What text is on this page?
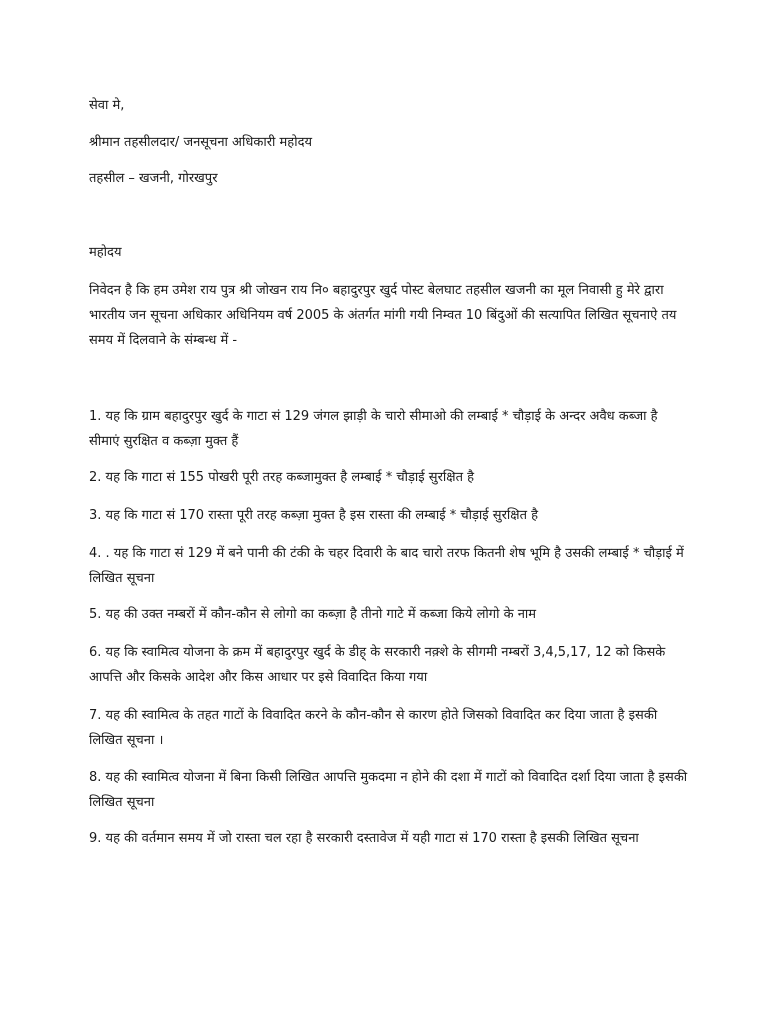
सेवा मे,

श्रीमान तहसीलदार/ जनसूचना अधिकारी महोदय

तहसील – खजनी, गोरखपुर

महोदय

निवेदन है कि हम उमेश राय पुत्र श्री जोखन राय नि० बहादुरपुर खुर्द पोस्ट बेलघाट तहसील खजनी का मूल निवासी हु मेरे द्वारा भारतीय जन सूचना अधिकार अधिनियम वर्ष 2005 के अंतर्गत मांगी गयी निम्वत 10 बिंदुओं की सत्यापित लिखित सूचनाऐ तय समय में दिलवाने के संम्बन्ध में -

1. यह कि ग्राम बहादुरपुर खुर्द के गाटा सं 129 जंगल झाड़ी के चारो सीमाओ की लम्बाई * चौड़ाई के अन्दर अवैध कब्जा है सीमाएं सुरक्षित व कब्ज़ा मुक्त हैं

2. यह कि गाटा सं 155 पोखरी पूरी तरह कब्जामुक्त है लम्बाई * चौड़ाई सुरक्षित है

3. यह कि गाटा सं 170 रास्ता पूरी तरह कब्ज़ा मुक्त है इस रास्ता की लम्बाई * चौड़ाई सुरक्षित है

4. . यह कि गाटा सं 129 में बने पानी की टंकी के चहर दिवारी के बाद चारो तरफ कितनी शेष भूमि है उसकी लम्बाई * चौड़ाई में लिखित सूचना

5. यह की उक्त नम्बरों में कौन-कौन से लोगो का कब्ज़ा है तीनो गाटे में कब्जा किये लोगो के नाम

6. यह कि स्वामित्व योजना के क्रम में बहादुरपुर खुर्द के डीह् के सरकारी नक़्शे के सीगमी नम्बरों 3,4,5,17, 12 को किसके आपत्ति और किसके आदेश और किस आधार पर इसे विवादित किया गया

7. यह की स्वामित्व के तहत गाटों के विवादित करने के कौन-कौन से कारण होते जिसको विवादित कर दिया जाता है इसकी लिखित सूचना ।

8. यह की स्वामित्व योजना में बिना किसी लिखित आपत्ति मुकदमा न होने की दशा में गाटों को विवादित दर्शा दिया जाता है इसकी लिखित सूचना

9. यह की वर्तमान समय में जो रास्ता चल रहा है सरकारी दस्तावेज में यही गाटा सं 170 रास्ता है इसकी लिखित सूचना
